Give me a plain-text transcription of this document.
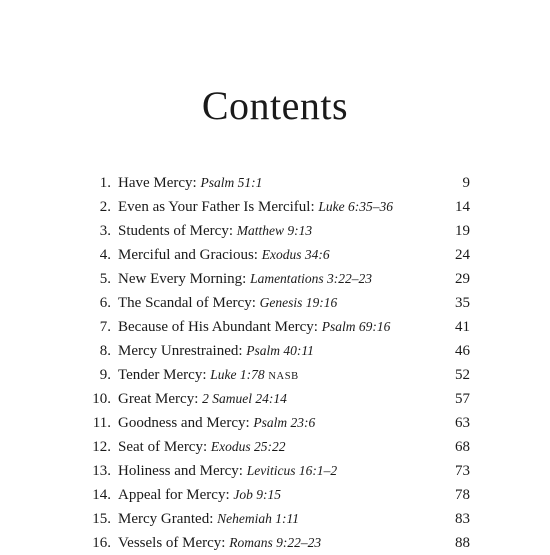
Contents
1. Have Mercy: Psalm 51:1	9
2. Even as Your Father Is Merciful: Luke 6:35–36	14
3. Students of Mercy: Matthew 9:13	19
4. Merciful and Gracious: Exodus 34:6	24
5. New Every Morning: Lamentations 3:22–23	29
6. The Scandal of Mercy: Genesis 19:16	35
7. Because of His Abundant Mercy: Psalm 69:16	41
8. Mercy Unrestrained: Psalm 40:11	46
9. Tender Mercy: Luke 1:78 NASB	52
10. Great Mercy: 2 Samuel 24:14	57
11. Goodness and Mercy: Psalm 23:6	63
12. Seat of Mercy: Exodus 25:22	68
13. Holiness and Mercy: Leviticus 16:1–2	73
14. Appeal for Mercy: Job 9:15	78
15. Mercy Granted: Nehemiah 1:11	83
16. Vessels of Mercy: Romans 9:22–23	88
